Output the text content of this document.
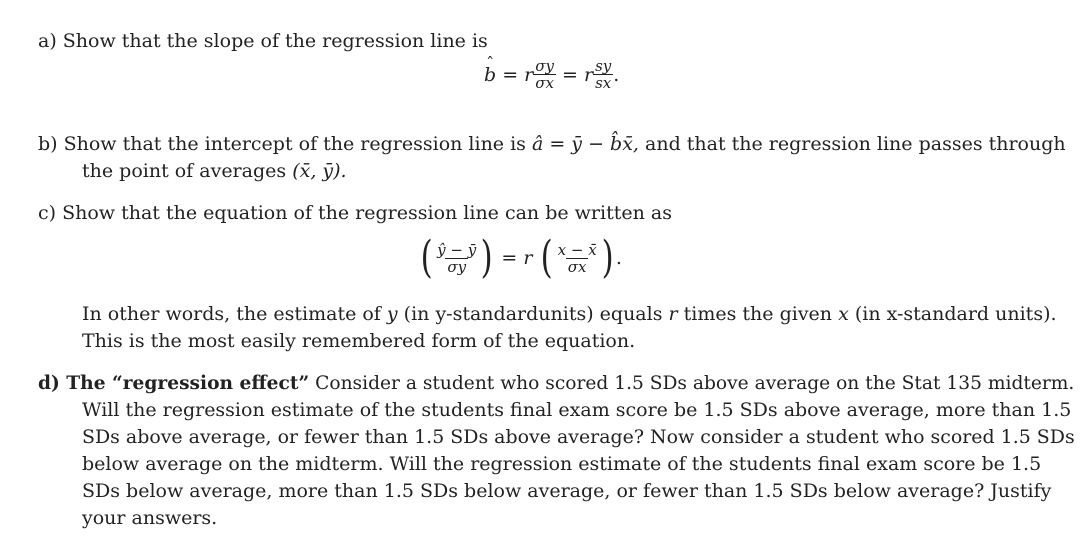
a) Show that the slope of the regression line is
b ˆ = r $\frac{\sigma y}{\sigma x} = r \frac{sy}{sx}$ .
b) Show that the intercept of the regression line is â = ȳ − b̂x̄, and that the regression line passes through
the point of averages (x̄, ȳ).
c) Show that the equation of the regression line can be written as
( $\frac{ŷ - ȳ}{\sigma y}$ ) = r ( $\frac{x - x̄}{\sigma x}$ ) .
In other words, the estimate of y (in y-standardunits) equals r times the given x (in x-standard units).
This is the most easily remembered form of the equation.
d) The “regression effect” Consider a student who scored 1.5 SDs above average on the Stat 135 midterm.
Will the regression estimate of the students final exam score be 1.5 SDs above average, more than 1.5
SDs above average, or fewer than 1.5 SDs above average? Now consider a student who scored 1.5 SDs
below average on the midterm. Will the regression estimate of the students final exam score be 1.5
SDs below average, more than 1.5 SDs below average, or fewer than 1.5 SDs below average? Justify
your answers.
